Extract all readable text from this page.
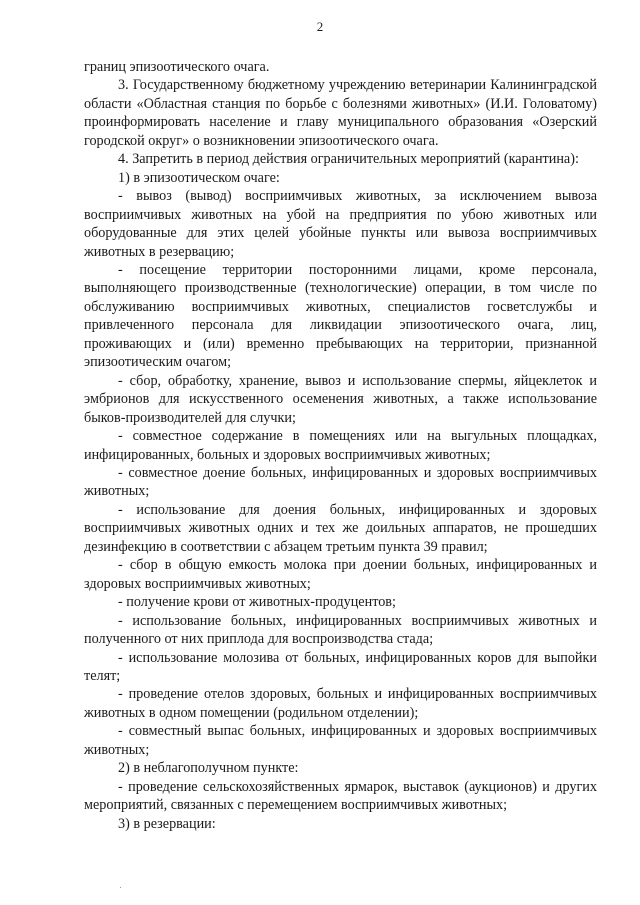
2

границ эпизоотического очага.

3. Государственному бюджетному учреждению ветеринарии Калининградской области «Областная станция по борьбе с болезнями животных» (И.И. Головатому) проинформировать население и главу муниципального образования «Озерский городской округ» о возникновении эпизоотического очага.

4. Запретить в период действия ограничительных мероприятий (карантина):

1) в эпизоотическом очаге:

- вывоз (вывод) восприимчивых животных, за исключением вывоза восприимчивых животных на убой на предприятия по убою животных или оборудованные для этих целей убойные пункты или вывоза восприимчивых животных в резервацию;

- посещение территории посторонними лицами, кроме персонала, выполняющего производственные (технологические) операции, в том числе по обслуживанию восприимчивых животных, специалистов госветслужбы и привлеченного персонала для ликвидации эпизоотического очага, лиц, проживающих и (или) временно пребывающих на территории, признанной эпизоотическим очагом;

- сбор, обработку, хранение, вывоз и использование спермы, яйцеклеток и эмбрионов для искусственного осеменения животных, а также использование быков-производителей для случки;

- совместное содержание в помещениях или на выгульных площадках, инфицированных, больных и здоровых восприимчивых животных;

- совместное доение больных, инфицированных и здоровых восприимчивых животных;

- использование для доения больных, инфицированных и здоровых восприимчивых животных одних и тех же доильных аппаратов, не прошедших дезинфекцию в соответствии с абзацем третьим пункта 39 правил;

- сбор в общую емкость молока при доении больных, инфицированных и здоровых восприимчивых животных;

- получение крови от животных-продуцентов;

- использование больных, инфицированных восприимчивых животных и полученного от них приплода для воспроизводства стада;

- использование молозива от больных, инфицированных коров для выпойки телят;

- проведение отелов здоровых, больных и инфицированных восприимчивых животных в одном помещении (родильном отделении);

- совместный выпас больных, инфицированных и здоровых восприимчивых животных;

2) в неблагополучном пункте:

- проведение сельскохозяйственных ярмарок, выставок (аукционов) и других мероприятий, связанных с перемещением восприимчивых животных;

3) в резервации:
